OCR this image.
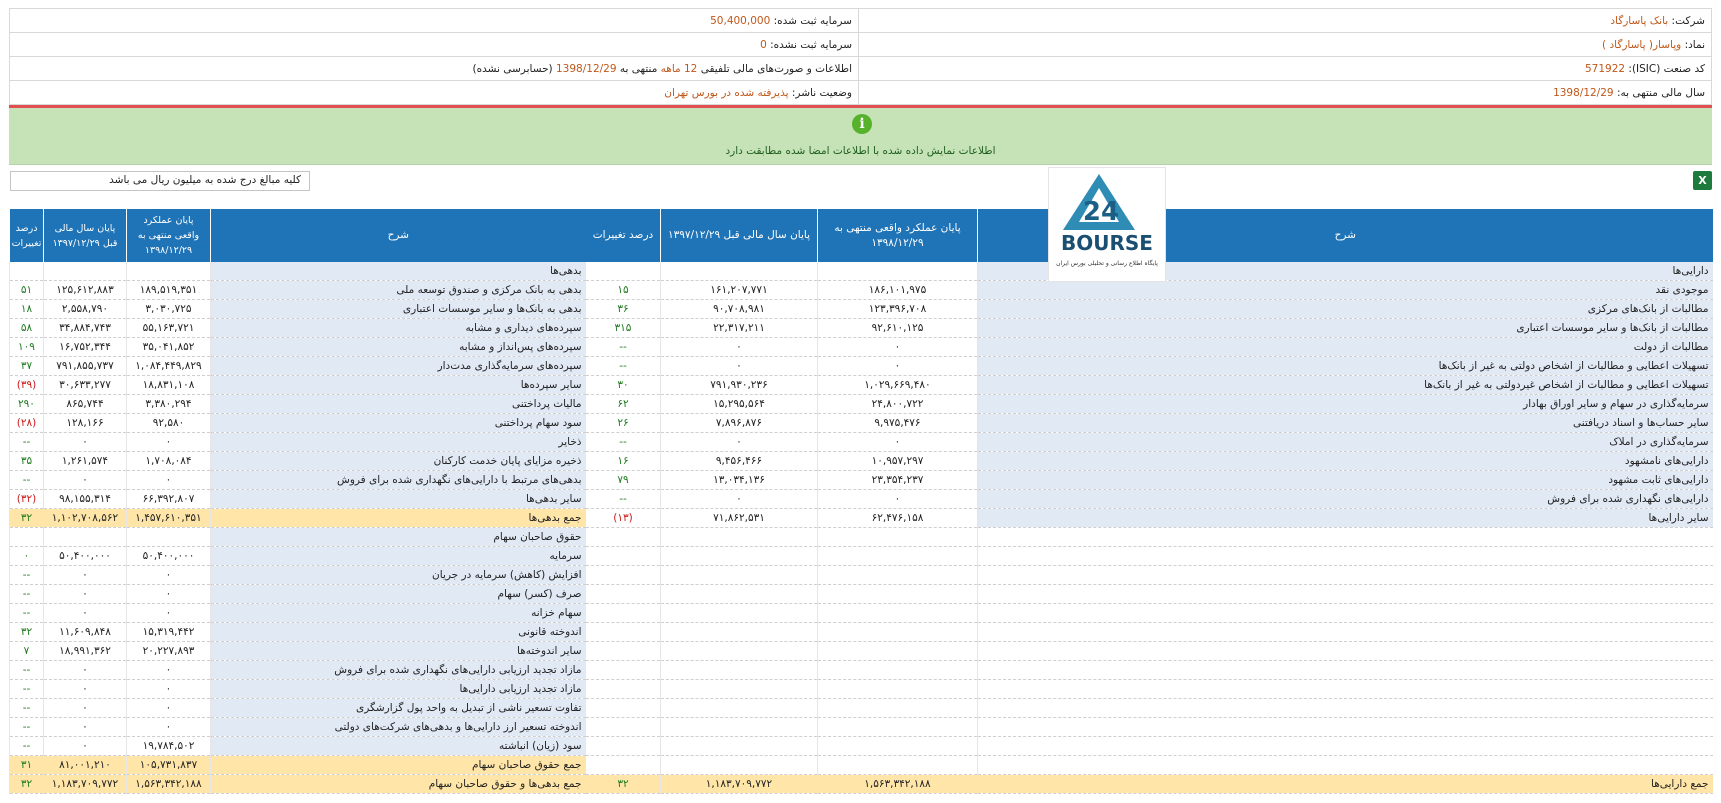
شرکت: بانک پاسارگاد	سرمایه ثبت شده: 50,400,000
نماد: وپاسار( پاسارگاد )	سرمایه ثبت نشده: 0
کد صنعت (ISIC): 571922	اطلاعات و صورت‌های مالی تلفیقی 12 ماهه منتهی به 1398/12/29 (حسابرسی نشده)
سال مالی منتهی به: 1398/12/29	وضعیت ناشر: پذیرفته شده در بورس تهران
i
اطلاعات نمایش داده شده با اطلاعات امضا شده مطابقت دارد
X
کلیه مبالغ درج شده به میلیون ریال می باشد
شرح	پایان عملکرد واقعی منتهی به ۱۳۹۸/۱۲/۲۹	پایان سال مالی قبل ۱۳۹۷/۱۲/۲۹	درصد تغییرات
دارایی‌ها			
موجودی نقد	۱۸۶,۱۰۱,۹۷۵	۱۶۱,۲۰۷,۷۷۱	۱۵
مطالبات از بانک‌های مرکزی	۱۲۳,۳۹۶,۷۰۸	۹۰,۷۰۸,۹۸۱	۳۶
مطالبات از بانک‌ها و سایر موسسات اعتباری	۹۲,۶۱۰,۱۲۵	۲۲,۳۱۷,۲۱۱	۳۱۵
مطالبات از دولت	۰	۰	--
تسهیلات اعطایی و مطالبات از اشخاص دولتی به غیر از بانک‌ها	۰	۰	--
تسهیلات اعطایی و مطالبات از اشخاص غیردولتی به غیر از بانک‌ها	۱,۰۲۹,۶۶۹,۴۸۰	۷۹۱,۹۳۰,۲۳۶	۳۰
سرمایه‌گذاری در سهام و سایر اوراق بهادار	۲۴,۸۰۰,۷۲۲	۱۵,۲۹۵,۵۶۴	۶۲
سایر حساب‌ها و اسناد دریافتنی	۹,۹۷۵,۴۷۶	۷,۸۹۶,۸۷۶	۲۶
سرمایه‌گذاری در املاک	۰	۰	--
دارایی‌های نامشهود	۱۰,۹۵۷,۲۹۷	۹,۴۵۶,۴۶۶	۱۶
دارایی‌های ثابت مشهود	۲۳,۳۵۴,۲۳۷	۱۳,۰۳۴,۱۳۶	۷۹
دارایی‌های نگهداری شده برای فروش	۰	۰	--
سایر دارایی‌ها	۶۲,۴۷۶,۱۵۸	۷۱,۸۶۲,۵۳۱	(۱۳)

جمع دارایی‌ها	۱,۵۶۳,۳۴۲,۱۸۸	۱,۱۸۳,۷۰۹,۷۷۲	۳۲
شرح	پایان عملکرد واقعی منتهی به ۱۳۹۸/۱۲/۲۹	پایان سال مالی قبل ۱۳۹۷/۱۲/۲۹	درصد تغییرات
بدهی‌ها			
بدهی به بانک مرکزی و صندوق توسعه ملی	۱۸۹,۵۱۹,۳۵۱	۱۲۵,۶۱۲,۸۸۳	۵۱
بدهی به بانک‌ها و سایر موسسات اعتباری	۳,۰۳۰,۷۲۵	۲,۵۵۸,۷۹۰	۱۸
سپرده‌های دیداری و مشابه	۵۵,۱۶۳,۷۲۱	۳۴,۸۸۴,۷۴۳	۵۸
سپرده‌های پس‌انداز و مشابه	۳۵,۰۴۱,۸۵۲	۱۶,۷۵۲,۳۴۴	۱۰۹
سپرده‌های سرمایه‌گذاری مدت‌دار	۱,۰۸۴,۴۴۹,۸۲۹	۷۹۱,۸۵۵,۷۳۷	۳۷
سایر سپرده‌ها	۱۸,۸۳۱,۱۰۸	۳۰,۶۳۳,۲۷۷	(۳۹)
مالیات پرداختنی	۳,۳۸۰,۲۹۴	۸۶۵,۷۴۴	۲۹۰
سود سهام پرداختنی	۹۲,۵۸۰	۱۲۸,۱۶۶	(۲۸)
ذخایر	۰	۰	--
ذخیره مزایای پایان خدمت کارکنان	۱,۷۰۸,۰۸۴	۱,۲۶۱,۵۷۴	۳۵
بدهی‌های مرتبط با دارایی‌های نگهداری شده برای فروش	۰	۰	--
سایر بدهی‌ها	۶۶,۳۹۲,۸۰۷	۹۸,۱۵۵,۳۱۴	(۳۲)
جمع بدهی‌ها	۱,۴۵۷,۶۱۰,۳۵۱	۱,۱۰۲,۷۰۸,۵۶۲	۳۲
حقوق صاحبان سهام			
سرمایه	۵۰,۴۰۰,۰۰۰	۵۰,۴۰۰,۰۰۰	۰
افزایش (کاهش) سرمایه در جریان	۰	۰	--
صرف (کسر) سهام	۰	۰	--
سهام خزانه	۰	۰	--
اندوخته قانونی	۱۵,۳۱۹,۴۴۲	۱۱,۶۰۹,۸۴۸	۳۲
سایر اندوخته‌ها	۲۰,۲۲۷,۸۹۳	۱۸,۹۹۱,۳۶۲	۷
مازاد تجدید ارزیابی دارایی‌های نگهداری شده برای فروش	۰	۰	--
مازاد تجدید ارزیابی دارایی‌ها	۰	۰	--
تفاوت تسعیر ناشی از تبدیل به واحد پول گزارشگری	۰	۰	--
اندوخته تسعیر ارز دارایی‌ها و بدهی‌های شرکت‌های دولتی	۰	۰	--
سود (زیان) انباشته	۱۹,۷۸۴,۵۰۲	۰	--
جمع حقوق صاحبان سهام	۱۰۵,۷۳۱,۸۳۷	۸۱,۰۰۱,۲۱۰	۳۱
جمع بدهی‌ها و حقوق صاحبان سهام	۱,۵۶۳,۳۴۲,۱۸۸	۱,۱۸۳,۷۰۹,۷۷۲	۳۲
24
BOURSE
پایگاه اطلاع رسانی و تحلیلی بورس ایران
